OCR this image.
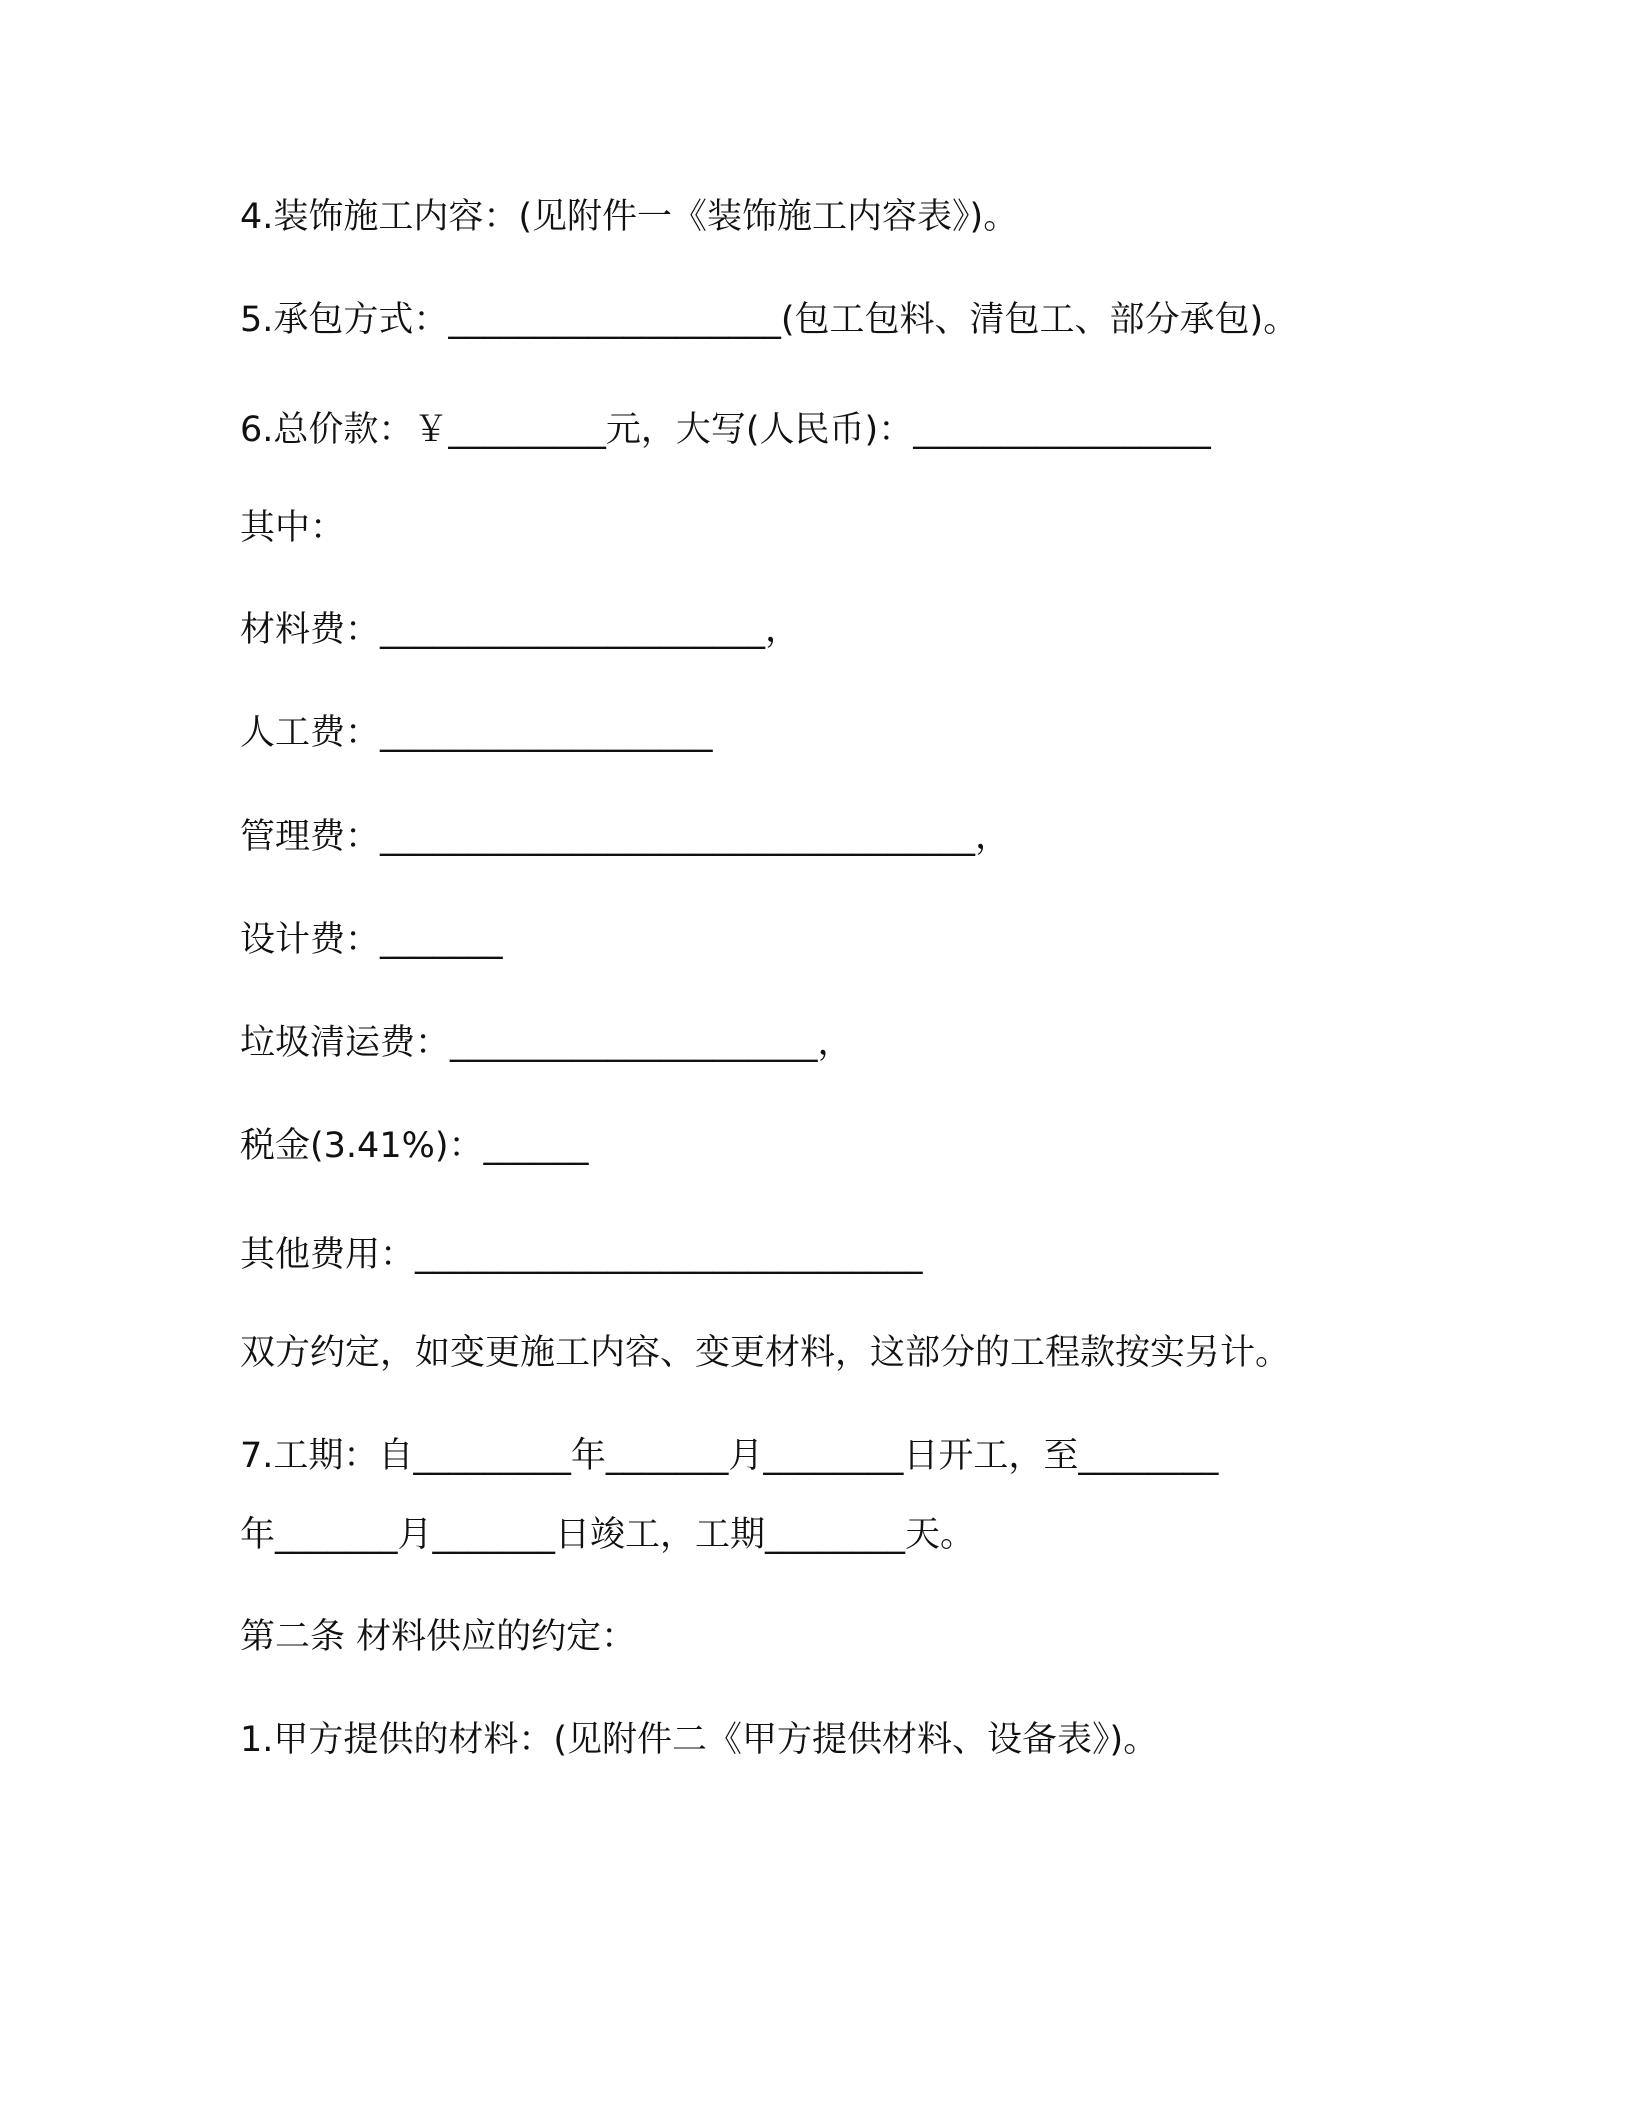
4.装饰施工内容：(见附件一《装饰施工内容表》)。
5.承包方式：___________________(包工包料、清包工、部分承包)。
6.总价款：￥_________元，大写(人民币)：_________________
其中：
材料费：______________________，
人工费：___________________
管理费：__________________________________，
设计费：_______
垃圾清运费：_____________________，
税金(3.41%)：______
其他费用：_____________________________
双方约定，如变更施工内容、变更材料，这部分的工程款按实另计。
7.工期：自_________年_______月________日开工，至________
年_______月_______日竣工，工期________天。
第二条 材料供应的约定：
1.甲方提供的材料：(见附件二《甲方提供材料、设备表》)。
